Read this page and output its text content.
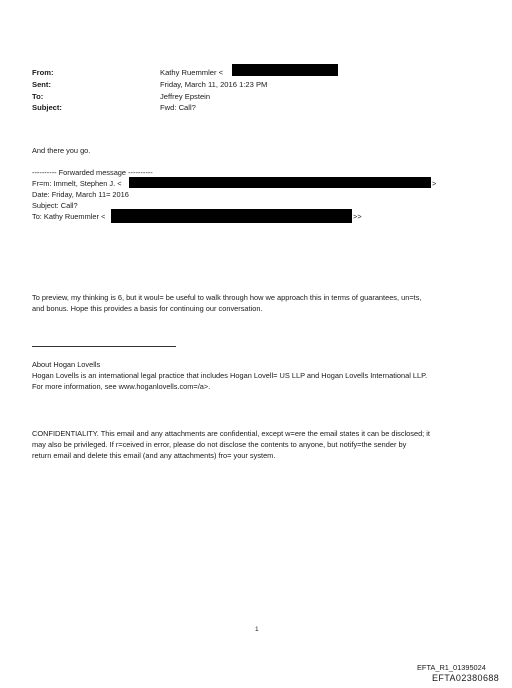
From:
Sent:
To:
Subject:
Kathy Ruemmler <
Friday, March 11, 2016 1:23 PM
Jeffrey Epstein
Fwd: Call?
And there you go.
---------- Forwarded message ----------
Fr=m: Immelt, Stephen J. <	>
Date: Friday, March 11= 2016
Subject: Call?
To: Kathy Ruemmler <	>>
To preview, my thinking is 6, but it woul= be useful to walk through how we approach this in terms of guarantees, un=ts,
and bonus. Hope this provides a basis for continuing our conversation.
About Hogan Lovells
Hogan Lovells is an international legal practice that includes Hogan Lovell= US LLP and Hogan Lovells International LLP.
For more information, see www.hoganlovells.com=/a>.
CONFIDENTIALITY. This email and any attachments are confidential, except w=ere the email states it can be disclosed; it
may also be privileged. If r=ceived in error, please do not disclose the contents to anyone, but notify=the sender by
return email and delete this email (and any attachments) fro= your system.
1
EFTA_R1_01395024
EFTA02380688
